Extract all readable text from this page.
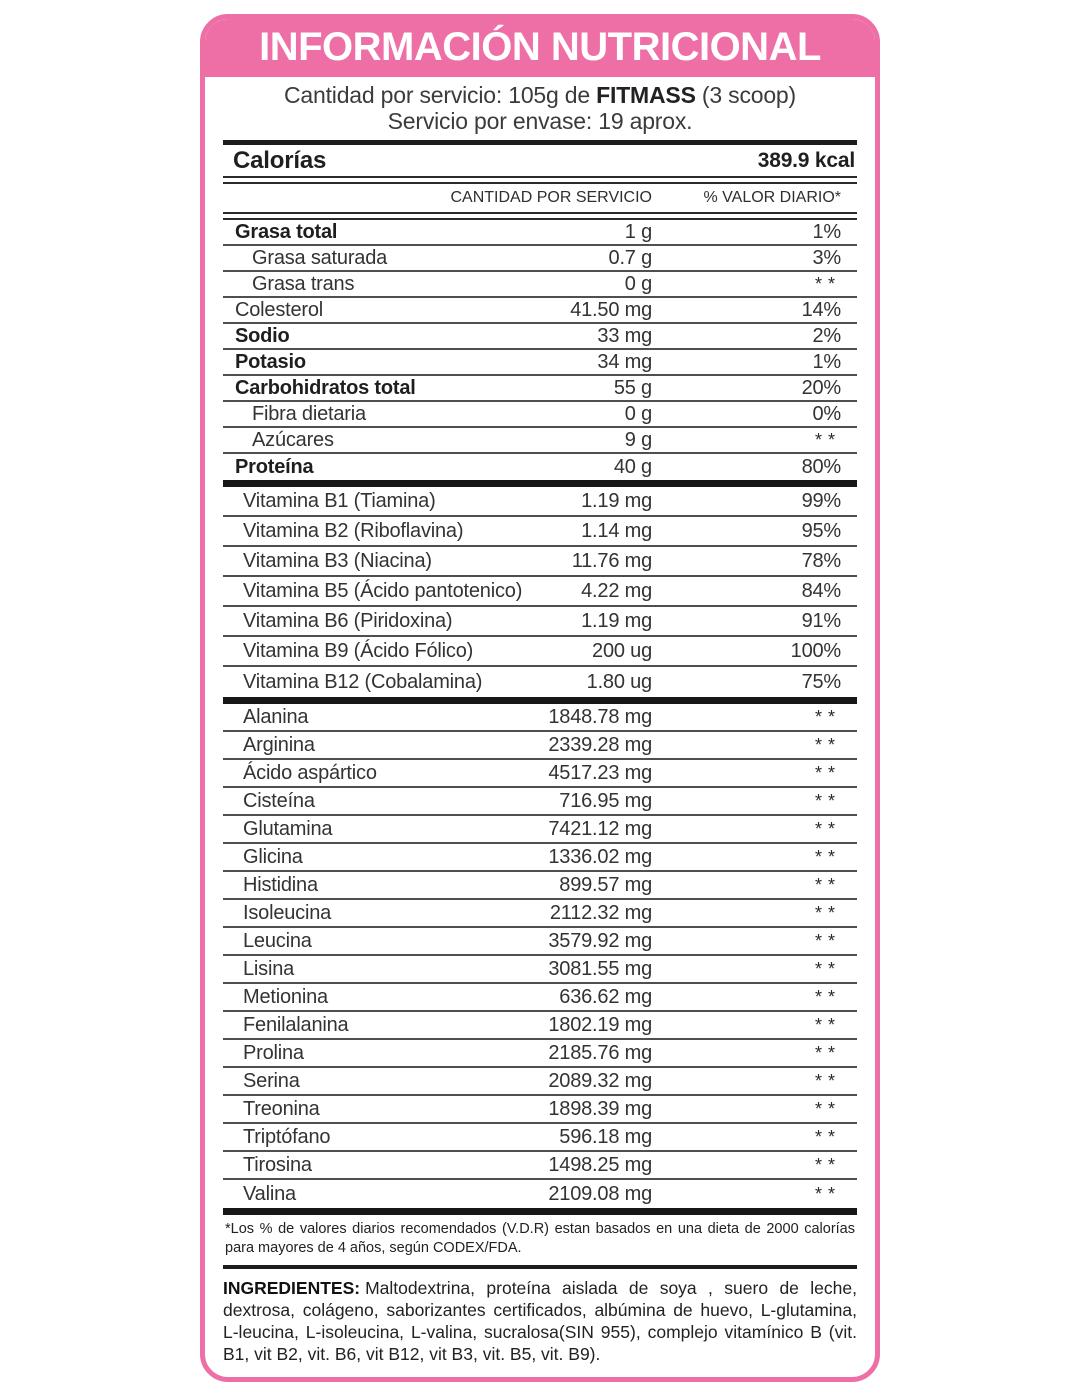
INFORMACIÓN NUTRICIONAL
Cantidad por servicio: 105g de FITMASS (3 scoop)
Servicio por envase: 19 aprox.
Calorías	389.9 kcal
CANTIDAD POR SERVICIO	% VALOR DIARIO*
Grasa total	1 g	1%
Grasa saturada	0.7 g	3%
Grasa trans	0 g	**
Colesterol	41.50 mg	14%
Sodio	33 mg	2%
Potasio	34 mg	1%
Carbohidratos total	55 g	20%
Fibra dietaria	0 g	0%
Azúcares	9 g	**
Proteína	40 g	80%
Vitamina B1 (Tiamina)	1.19 mg	99%
Vitamina B2 (Riboflavina)	1.14 mg	95%
Vitamina B3 (Niacina)	11.76 mg	78%
Vitamina B5 (Ácido pantotenico)	4.22 mg	84%
Vitamina B6 (Piridoxina)	1.19 mg	91%
Vitamina B9 (Ácido Fólico)	200 ug	100%
Vitamina B12 (Cobalamina)	1.80 ug	75%
Alanina	1848.78 mg	**
Arginina	2339.28 mg	**
Ácido aspártico	4517.23 mg	**
Cisteína	716.95 mg	**
Glutamina	7421.12 mg	**
Glicina	1336.02 mg	**
Histidina	899.57 mg	**
Isoleucina	2112.32 mg	**
Leucina	3579.92 mg	**
Lisina	3081.55 mg	**
Metionina	636.62 mg	**
Fenilalanina	1802.19 mg	**
Prolina	2185.76 mg	**
Serina	2089.32 mg	**
Treonina	1898.39 mg	**
Triptófano	596.18 mg	**
Tirosina	1498.25 mg	**
Valina	2109.08 mg	**
*Los % de valores diarios recomendados (V.D.R) estan basados en una dieta de 2000 calorías para mayores de 4 años, según CODEX/FDA.
INGREDIENTES: Maltodextrina, proteína aislada de soya , suero de leche, dextrosa, colágeno, saborizantes certificados, albúmina de huevo, L-glutamina, L-leucina, L-isoleucina, L-valina, sucralosa(SIN 955), complejo vitamínico B (vit. B1, vit B2, vit. B6, vit B12, vit B3, vit. B5, vit. B9).
